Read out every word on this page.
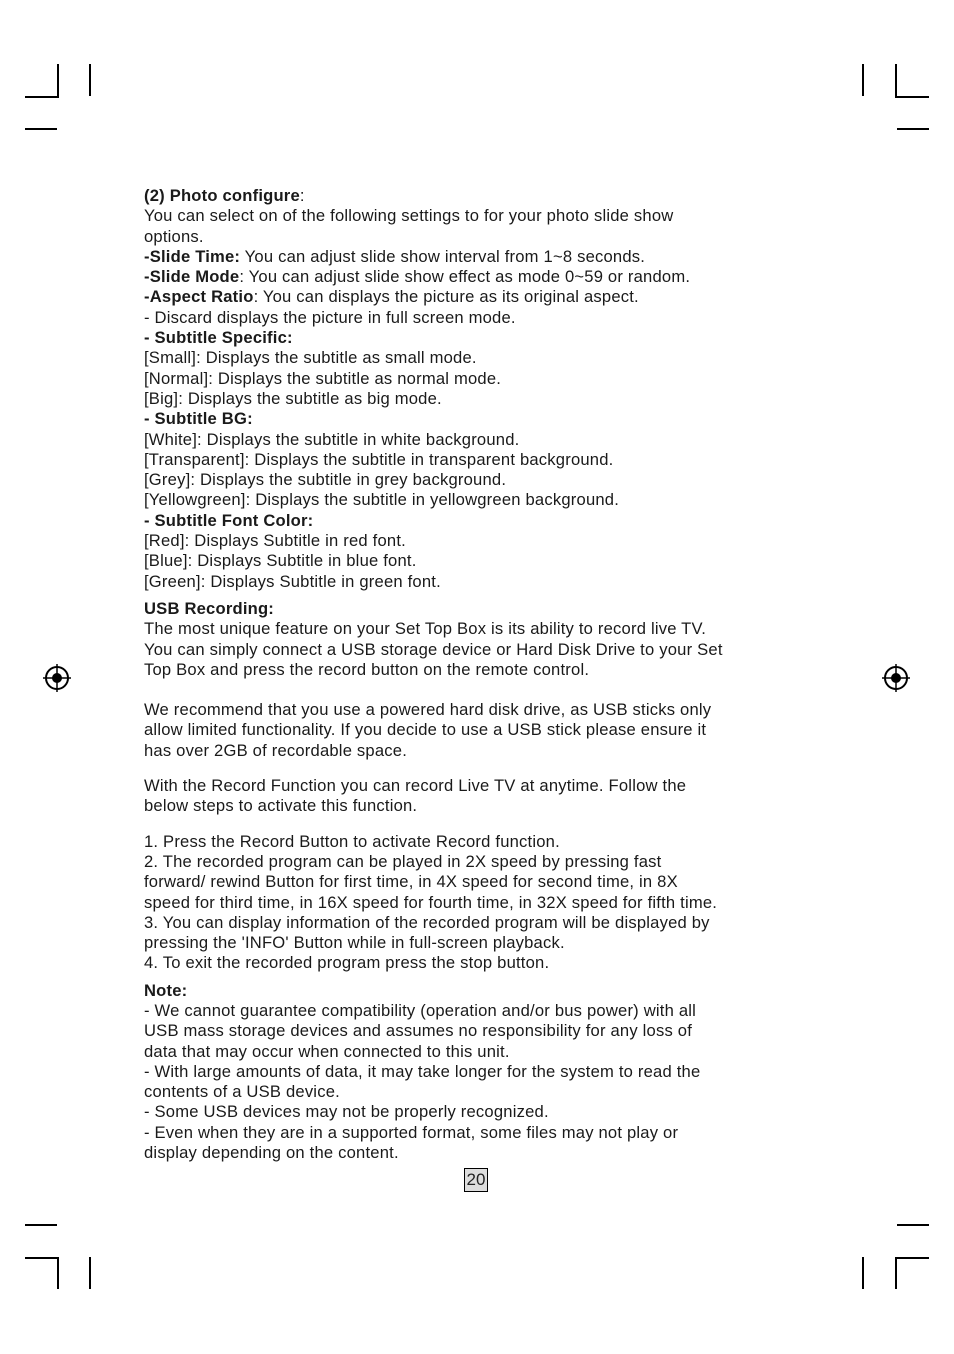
(2) Photo configure:
You can select on of the following settings to for your photo slide show
options.
-Slide Time: You can adjust slide show interval from 1~8 seconds.
-Slide Mode: You can adjust slide show effect as mode 0~59 or random.
-Aspect Ratio: You can displays the picture as its original aspect.
- Discard displays the picture in full screen mode.
- Subtitle Specific:
[Small]: Displays the subtitle as small mode.
[Normal]: Displays the subtitle as normal mode.
[Big]: Displays the subtitle as big mode.
- Subtitle BG:
[White]: Displays the subtitle in white background.
[Transparent]: Displays the subtitle in transparent background.
[Grey]: Displays the subtitle in grey background.
[Yellowgreen]: Displays the subtitle in yellowgreen background.
- Subtitle Font Color:
[Red]: Displays Subtitle in red font.
[Blue]: Displays Subtitle in blue font.
[Green]: Displays Subtitle in green font.
USB Recording:
The most unique feature on your Set Top Box is its ability to record live TV.
You can simply connect a USB storage device or Hard Disk Drive to your Set
Top Box and press the record button on the remote control.
We recommend that you use a powered hard disk drive, as USB sticks only
allow limited functionality. If you decide to use a USB stick please ensure it
has over 2GB of recordable space.
With the Record Function you can record Live TV at anytime. Follow the
below steps to activate this function.
1. Press the Record Button to activate Record function.
2. The recorded program can be played in 2X speed by pressing fast
forward/ rewind Button for first time, in 4X speed for second time, in 8X
speed for third time, in 16X speed for fourth time, in 32X speed for fifth time.
3. You can display information of the recorded program will be displayed by
pressing the 'INFO' Button while in full-screen playback.
4. To exit the recorded program press the stop button.
Note:
- We cannot guarantee compatibility (operation and/or bus power) with all
USB mass storage devices and assumes no responsibility for any loss of
data that may occur when connected to this unit.
- With large amounts of data, it may take longer for the system to read the
contents of a USB device.
- Some USB devices may not be properly recognized.
- Even when they are in a supported format, some files may not play or
display depending on the content.
20
